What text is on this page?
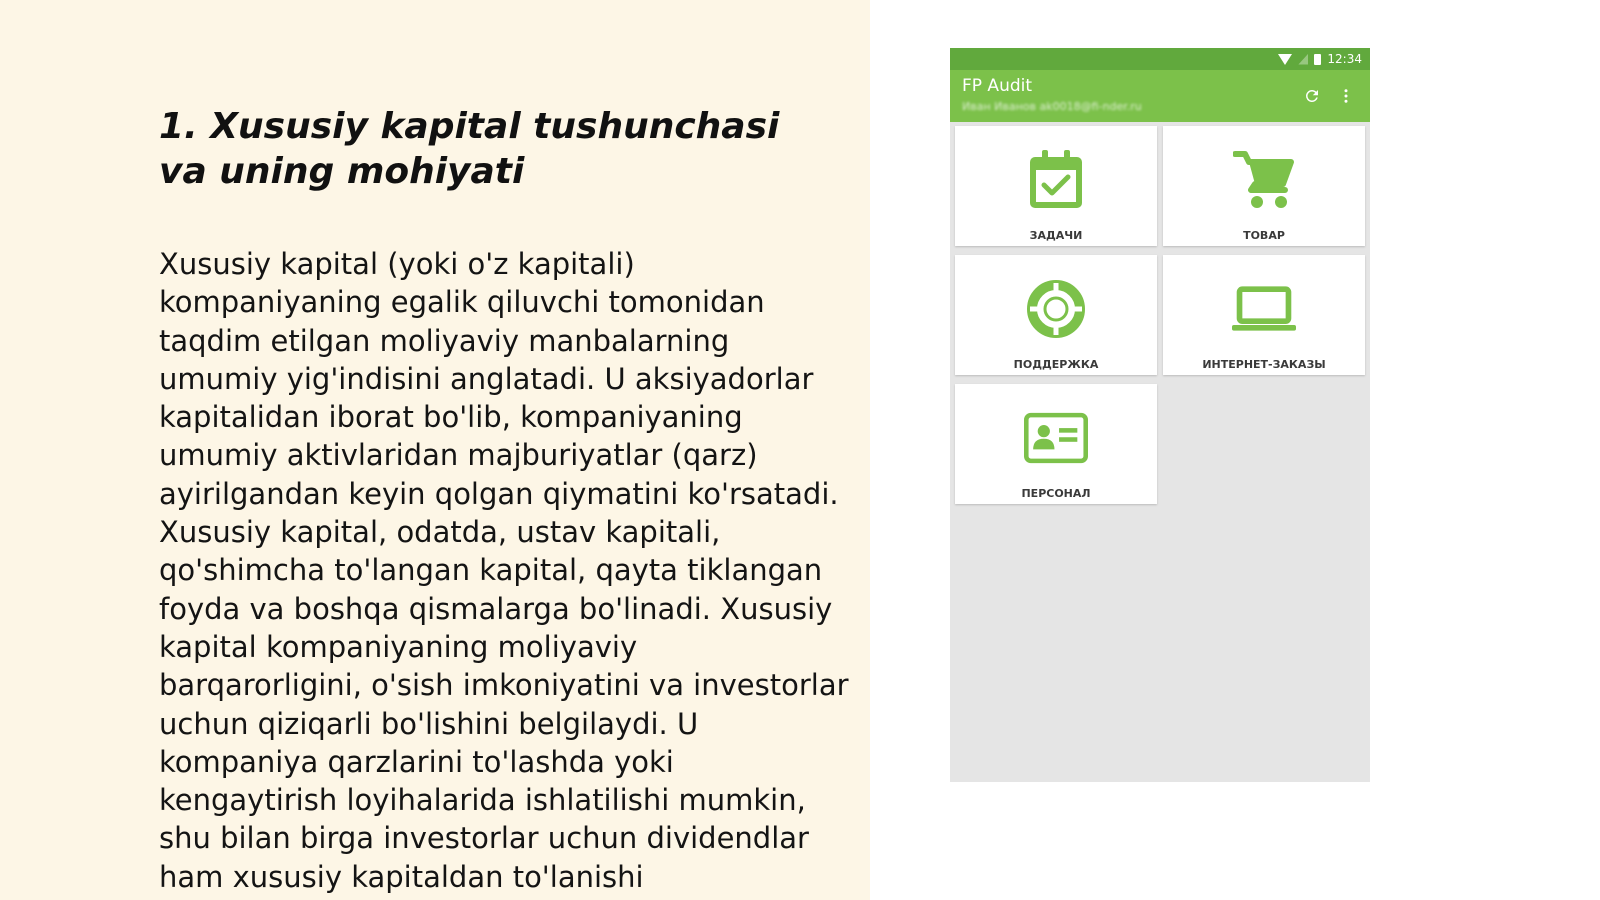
1. Xususiy kapital tushunchasi va uning mohiyati

Xususiy kapital (yoki o'z kapitali) kompaniyaning egalik qiluvchi tomonidan taqdim etilgan moliyaviy manbalarning umumiy yig'indisini anglatadi. U aksiyadorlar kapitalidan iborat bo'lib, kompaniyaning umumiy aktivlaridan majburiyatlar (qarz) ayirilgandan keyin qolgan qiymatini ko'rsatadi. Xususiy kapital, odatda, ustav kapitali, qo'shimcha to'langan kapital, qayta tiklangan foyda va boshqa qismalarga bo'linadi. Xususiy kapital kompaniyaning moliyaviy barqarorligini, o'sish imkoniyatini va investorlar uchun qiziqarli bo'lishini belgilaydi. U kompaniya qarzlarini to'lashda yoki kengaytirish loyihalarida ishlatilishi mumkin, shu bilan birga investorlar uchun dividendlar ham xususiy kapitaldan to'lanishi

12:34
FP Audit
Иван Иванов ak0018@fi-nder.ru
ЗАДАЧИ	ТОВАР
ПОДДЕРЖКА	ИНТЕРНЕТ-ЗАКАЗЫ
ПЕРСОНАЛ
